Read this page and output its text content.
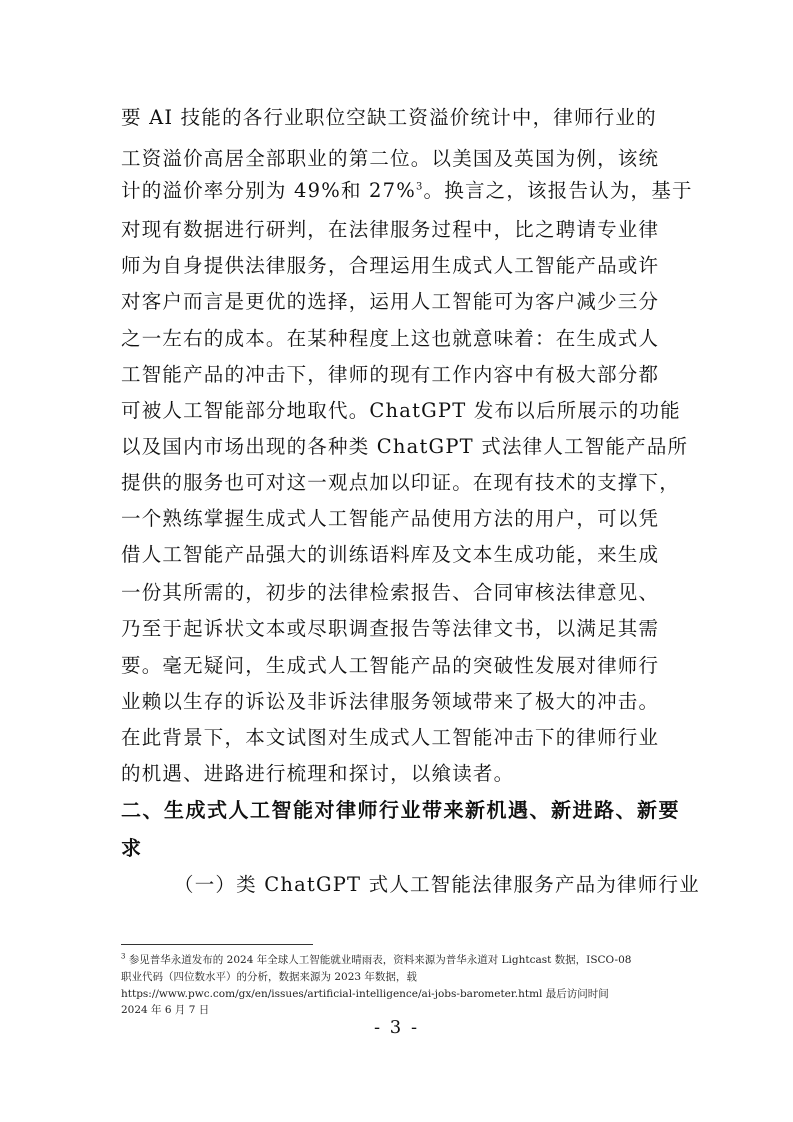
要 AI 技能的各行业职位空缺工资溢价统计中，律师行业的
工资溢价高居全部职业的第二位。以美国及英国为例，该统
计的溢价率分别为 49%和 27%$^3$。换言之，该报告认为，基于
对现有数据进行研判，在法律服务过程中，比之聘请专业律
师为自身提供法律服务，合理运用生成式人工智能产品或许
对客户而言是更优的选择，运用人工智能可为客户减少三分
之一左右的成本。在某种程度上这也就意味着：在生成式人
工智能产品的冲击下，律师的现有工作内容中有极大部分都
可被人工智能部分地取代。ChatGPT 发布以后所展示的功能
以及国内市场出现的各种类 ChatGPT 式法律人工智能产品所
提供的服务也可对这一观点加以印证。在现有技术的支撑下，
一个熟练掌握生成式人工智能产品使用方法的用户，可以凭
借人工智能产品强大的训练语料库及文本生成功能，来生成
一份其所需的，初步的法律检索报告、合同审核法律意见、
乃至于起诉状文本或尽职调查报告等法律文书，以满足其需
要。毫无疑问，生成式人工智能产品的突破性发展对律师行
业赖以生存的诉讼及非诉法律服务领域带来了极大的冲击。
在此背景下，本文试图对生成式人工智能冲击下的律师行业
的机遇、进路进行梳理和探讨，以飨读者。
二、生成式人工智能对律师行业带来新机遇、新进路、新要
求
（一）类 ChatGPT 式人工智能法律服务产品为律师行业
$^3$ 参见普华永道发布的 2024 年全球人工智能就业晴雨表，资料来源为普华永道对 Lightcast 数据，ISCO-08
职业代码（四位数水平）的分析，数据来源为 2023 年数据，载
https://www.pwc.com/gx/en/issues/artificial-intelligence/ai-jobs-barometer.html 最后访问时间
2024 年 6 月 7 日
- 3 -
